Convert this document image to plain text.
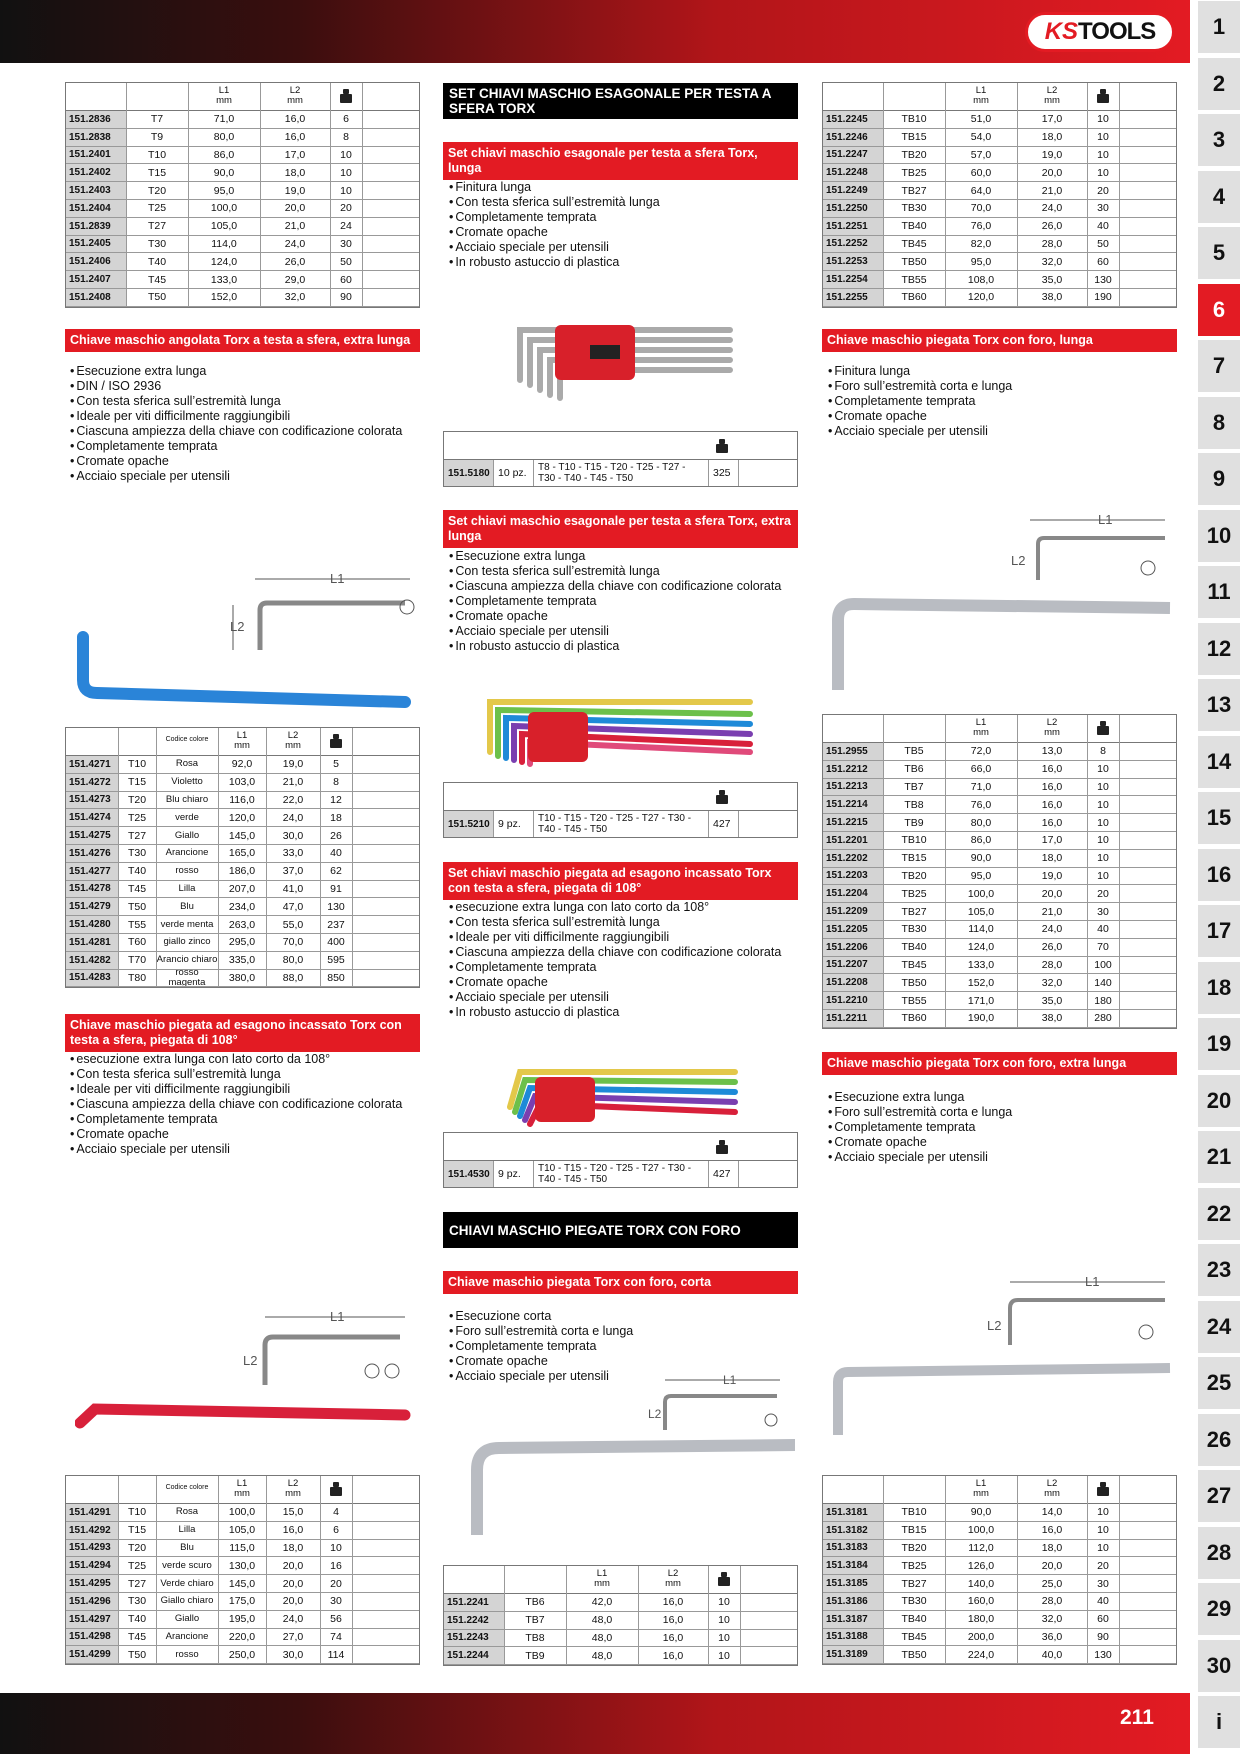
KS TOOLS
211
1
2
3
4
5
6
7
8
9
10
11
12
13
14
15
16
17
18
19
20
21
22
23
24
25
26
27
28
29
30
i
L1
mm
L2
mm
151.2836	T7	71,0	16,0	6
151.2838	T9	80,0	16,0	8
151.2401	T10	86,0	17,0	10
151.2402	T15	90,0	18,0	10
151.2403	T20	95,0	19,0	10
151.2404	T25	100,0	20,0	20
151.2839	T27	105,0	21,0	24
151.2405	T30	114,0	24,0	30
151.2406	T40	124,0	26,0	50
151.2407	T45	133,0	29,0	60
151.2408	T50	152,0	32,0	90
Chiave maschio angolata Torx a testa a sfera, extra lunga
• Esecuzione extra lunga
• DIN / ISO 2936
• Con testa sferica sull’estremità lunga
• Ideale per viti difficilmente raggiungibili
• Ciascuna ampiezza della chiave con codificazione colorata
• Completamente temprata
• Cromate opache
• Acciaio speciale per utensili
L1
L2
Codice colore	L1
mm
L2
mm
151.4271	T10	Rosa	92,0	19,0	5
151.4272	T15	Violetto	103,0	21,0	8
151.4273	T20	Blu chiaro	116,0	22,0	12
151.4274	T25	verde	120,0	24,0	18
151.4275	T27	Giallo	145,0	30,0	26
151.4276	T30	Arancione	165,0	33,0	40
151.4277	T40	rosso	186,0	37,0	62
151.4278	T45	Lilla	207,0	41,0	91
151.4279	T50	Blu	234,0	47,0	130
151.4280	T55	verde menta	263,0	55,0	237
151.4281	T60	giallo zinco	295,0	70,0	400
151.4282	T70	Arancio chiaro	335,0	80,0	595
151.4283	T80	rosso magenta	380,0	88,0	850
Chiave maschio piegata ad esagono incassato Torx con testa a sfera, piegata di 108°
• esecuzione extra lunga con lato corto da 108°
• Con testa sferica sull’estremità lunga
• Ideale per viti difficilmente raggiungibili
• Ciascuna ampiezza della chiave con codificazione colorata
• Completamente temprata
• Cromate opache
• Acciaio speciale per utensili
L1
L2
Codice colore	L1
mm
L2
mm
151.4291	T10	Rosa	100,0	15,0	4
151.4292	T15	Lilla	105,0	16,0	6
151.4293	T20	Blu	115,0	18,0	10
151.4294	T25	verde scuro	130,0	20,0	16
151.4295	T27	Verde chiaro	145,0	20,0	20
151.4296	T30	Giallo chiaro	175,0	20,0	30
151.4297	T40	Giallo	195,0	24,0	56
151.4298	T45	Arancione	220,0	27,0	74
151.4299	T50	rosso	250,0	30,0	114
SET CHIAVI MASCHIO ESAGONALE PER TESTA A SFERA TORX
Set chiavi maschio esagonale per testa a sfera Torx, lunga
• Finitura lunga
• Con testa sferica sull’estremità lunga
• Completamente temprata
• Cromate opache
• Acciaio speciale per utensili
• In robusto astuccio di plastica
151.5180 10 pz.	T8 - T10 - T15 - T20 - T25 - T27 - T30 - T40 - T45 - T50	325
Set chiavi maschio esagonale per testa a sfera Torx, extra lunga
• Esecuzione extra lunga
• Con testa sferica sull’estremità lunga
• Ciascuna ampiezza della chiave con codificazione colorata
• Completamente temprata
• Cromate opache
• Acciaio speciale per utensili
• In robusto astuccio di plastica
151.5210 9 pz.	T10 - T15 - T20 - T25 - T27 - T30 - T40 - T45 - T50	427
Set chiavi maschio piegata ad esagono incassato Torx con testa a sfera, piegata di 108°
• esecuzione extra lunga con lato corto da 108°
• Con testa sferica sull’estremità lunga
• Ideale per viti difficilmente raggiungibili
• Ciascuna ampiezza della chiave con codificazione colorata
• Completamente temprata
• Cromate opache
• Acciaio speciale per utensili
• In robusto astuccio di plastica
151.4530 9 pz.	T10 - T15 - T20 - T25 - T27 - T30 - T40 - T45 - T50	427
CHIAVI MASCHIO PIEGATE TORX CON FORO
Chiave maschio piegata Torx con foro, corta
• Esecuzione corta
• Foro sull’estremità corta e lunga
• Completamente temprata
• Cromate opache
• Acciaio speciale per utensili	L1
L2
L1
mm
L2
mm
151.2241	TB6	42,0	16,0	10
151.2242	TB7	48,0	16,0	10
151.2243	TB8	48,0	16,0	10
151.2244	TB9	48,0	16,0	10
L1
mm
L2
mm
151.2245	TB10	51,0	17,0	10
151.2246	TB15	54,0	18,0	10
151.2247	TB20	57,0	19,0	10
151.2248	TB25	60,0	20,0	10
151.2249	TB27	64,0	21,0	20
151.2250	TB30	70,0	24,0	30
151.2251	TB40	76,0	26,0	40
151.2252	TB45	82,0	28,0	50
151.2253	TB50	95,0	32,0	60
151.2254	TB55	108,0	35,0	130
151.2255	TB60	120,0	38,0	190
Chiave maschio piegata Torx con foro, lunga
• Finitura lunga
• Foro sull’estremità corta e lunga
• Completamente temprata
• Cromate opache
• Acciaio speciale per utensili
L1
L2
L1
mm
L2
mm
151.2955	TB5	72,0	13,0	8
151.2212	TB6	66,0	16,0	10
151.2213	TB7	71,0	16,0	10
151.2214	TB8	76,0	16,0	10
151.2215	TB9	80,0	16,0	10
151.2201	TB10	86,0	17,0	10
151.2202	TB15	90,0	18,0	10
151.2203	TB20	95,0	19,0	10
151.2204	TB25	100,0	20,0	20
151.2209	TB27	105,0	21,0	30
151.2205	TB30	114,0	24,0	40
151.2206	TB40	124,0	26,0	70
151.2207	TB45	133,0	28,0	100
151.2208	TB50	152,0	32,0	140
151.2210	TB55	171,0	35,0	180
151.2211	TB60	190,0	38,0	280
Chiave maschio piegata Torx con foro, extra lunga
• Esecuzione extra lunga
• Foro sull’estremità corta e lunga
• Completamente temprata
• Cromate opache
• Acciaio speciale per utensili
L1
L2
L1
mm
L2
mm
151.3181	TB10	90,0	14,0	10
151.3182	TB15	100,0	16,0	10
151.3183	TB20	112,0	18,0	10
151.3184	TB25	126,0	20,0	20
151.3185	TB27	140,0	25,0	30
151.3186	TB30	160,0	28,0	40
151.3187	TB40	180,0	32,0	60
151.3188	TB45	200,0	36,0	90
151.3189	TB50	224,0	40,0	130
